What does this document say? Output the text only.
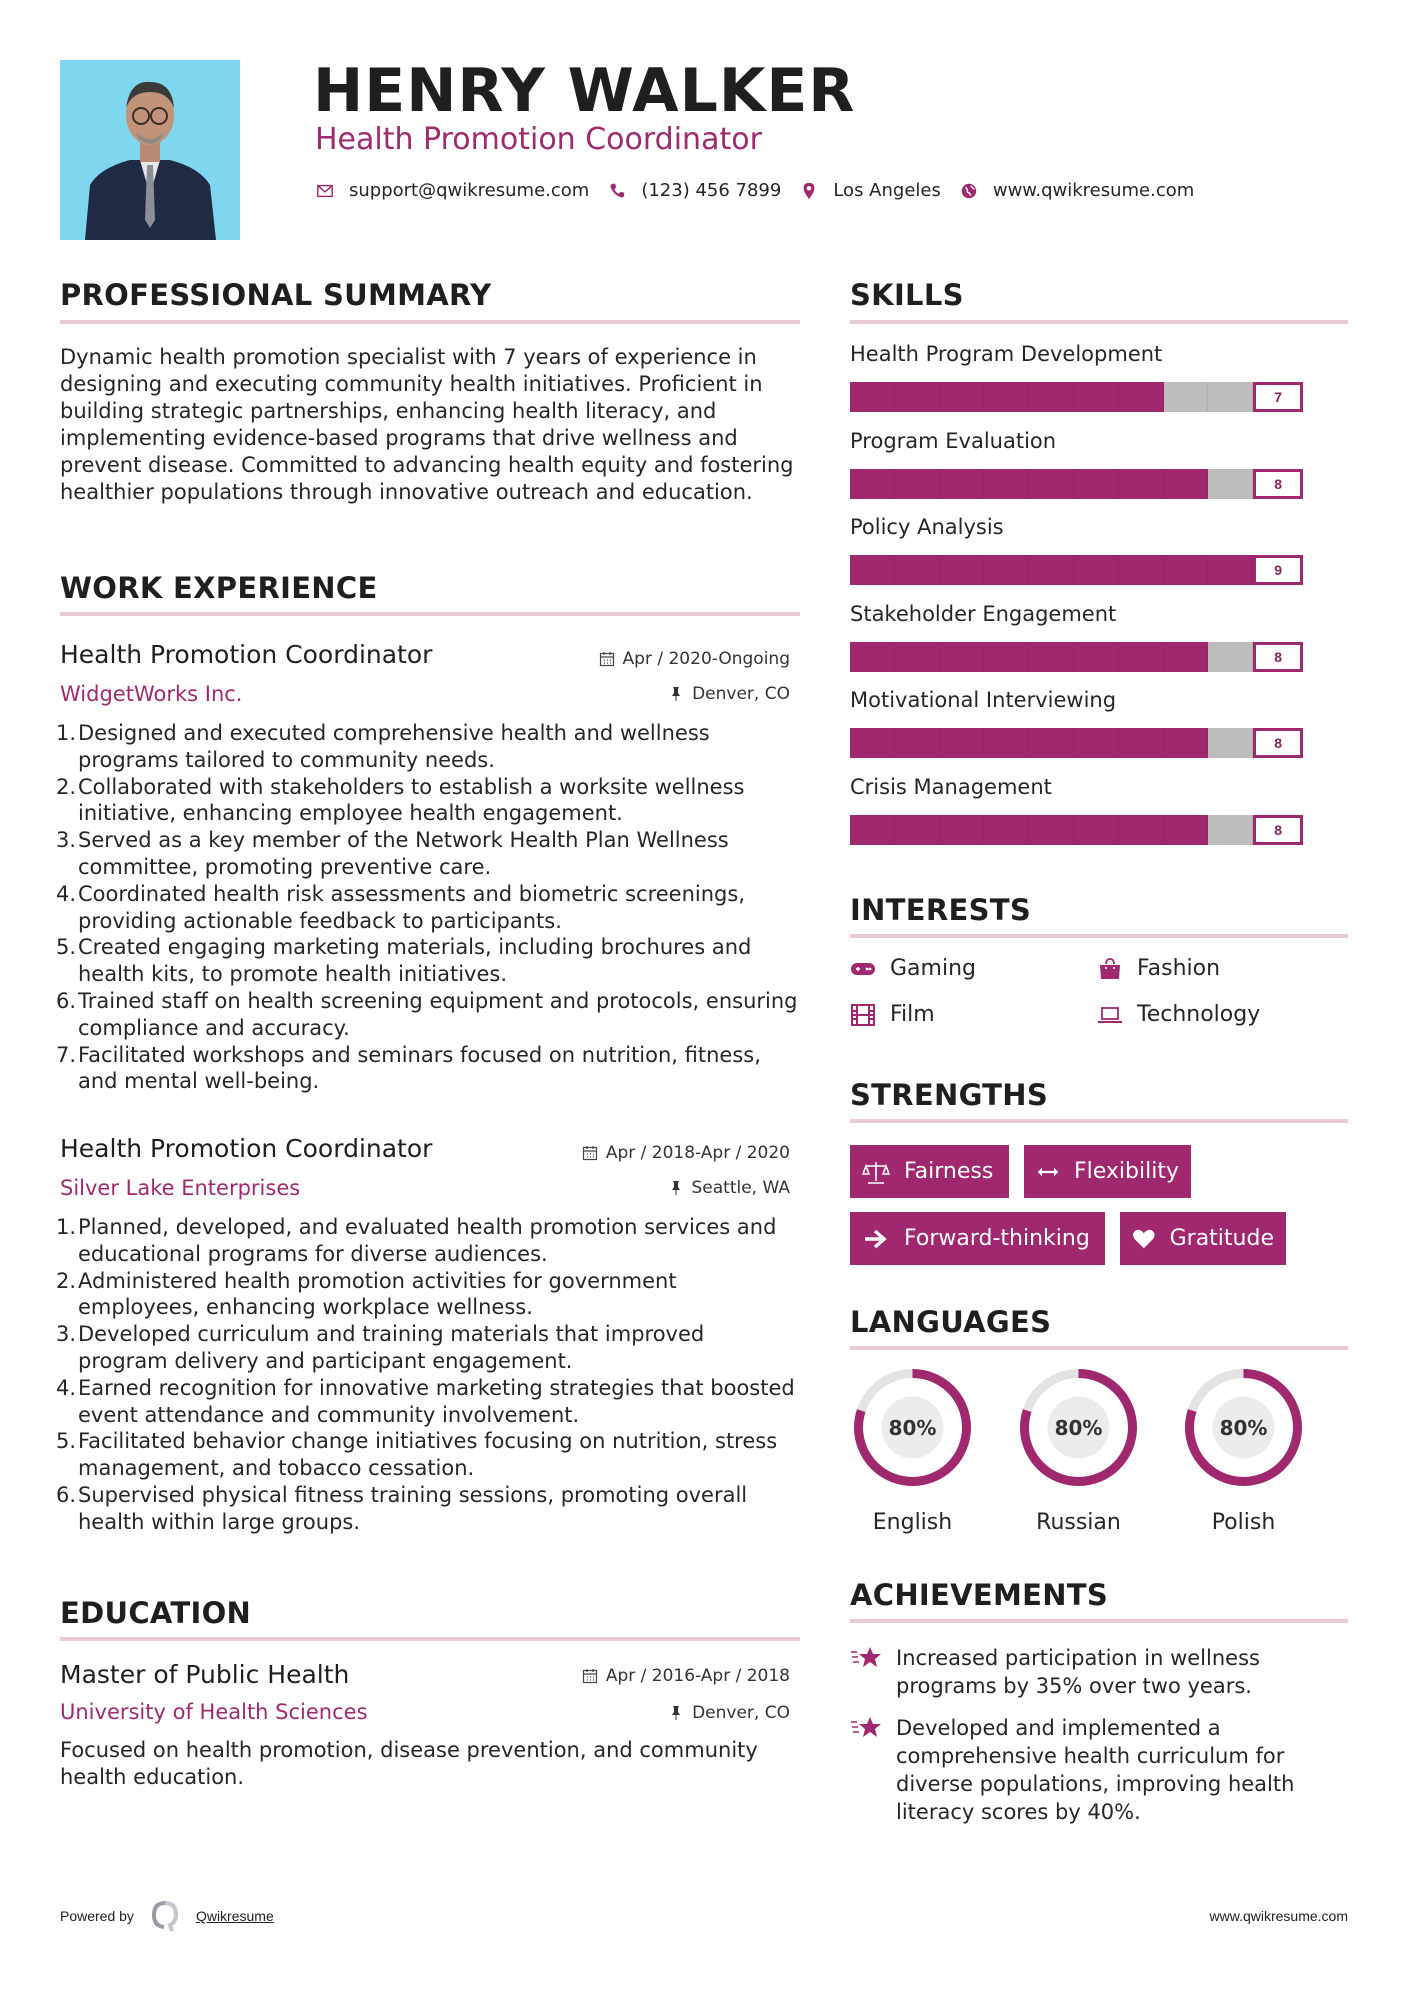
HENRY WALKER
Health Promotion Coordinator
support@qwikresume.com	(123) 456 7899	Los Angeles	www.qwikresume.com
PROFESSIONAL SUMMARY
Dynamic health promotion specialist with 7 years of experience in designing and executing community health initiatives. Proficient in building strategic partnerships, enhancing health literacy, and implementing evidence-based programs that drive wellness and prevent disease. Committed to advancing health equity and fostering healthier populations through innovative outreach and education.
WORK EXPERIENCE
Health Promotion Coordinator	Apr / 2020-Ongoing
WidgetWorks Inc.	Denver, CO
1. Designed and executed comprehensive health and wellness programs tailored to community needs.
2. Collaborated with stakeholders to establish a worksite wellness initiative, enhancing employee health engagement.
3. Served as a key member of the Network Health Plan Wellness committee, promoting preventive care.
4. Coordinated health risk assessments and biometric screenings, providing actionable feedback to participants.
5. Created engaging marketing materials, including brochures and health kits, to promote health initiatives.
6. Trained staff on health screening equipment and protocols, ensuring compliance and accuracy.
7. Facilitated workshops and seminars focused on nutrition, fitness, and mental well-being.
Health Promotion Coordinator	Apr / 2018-Apr / 2020
Silver Lake Enterprises	Seattle, WA
1. Planned, developed, and evaluated health promotion services and educational programs for diverse audiences.
2. Administered health promotion activities for government employees, enhancing workplace wellness.
3. Developed curriculum and training materials that improved program delivery and participant engagement.
4. Earned recognition for innovative marketing strategies that boosted event attendance and community involvement.
5. Facilitated behavior change initiatives focusing on nutrition, stress management, and tobacco cessation.
6. Supervised physical fitness training sessions, promoting overall health within large groups.
EDUCATION
Master of Public Health	Apr / 2016-Apr / 2018
University of Health Sciences	Denver, CO
Focused on health promotion, disease prevention, and community health education.
SKILLS
Health Program Development
7
Program Evaluation
8
Policy Analysis
9
Stakeholder Engagement
8
Motivational Interviewing
8
Crisis Management
8
INTERESTS
Gaming	Fashion
Film	Technology
STRENGTHS
Fairness	Flexibility
Forward-thinking	Gratitude
LANGUAGES
80%
English
80%
Russian
80%
Polish
ACHIEVEMENTS
Increased participation in wellness programs by 35% over two years.
Developed and implemented a comprehensive health curriculum for diverse populations, improving health literacy scores by 40%.
Powered by	Qwikresume	www.qwikresume.com
